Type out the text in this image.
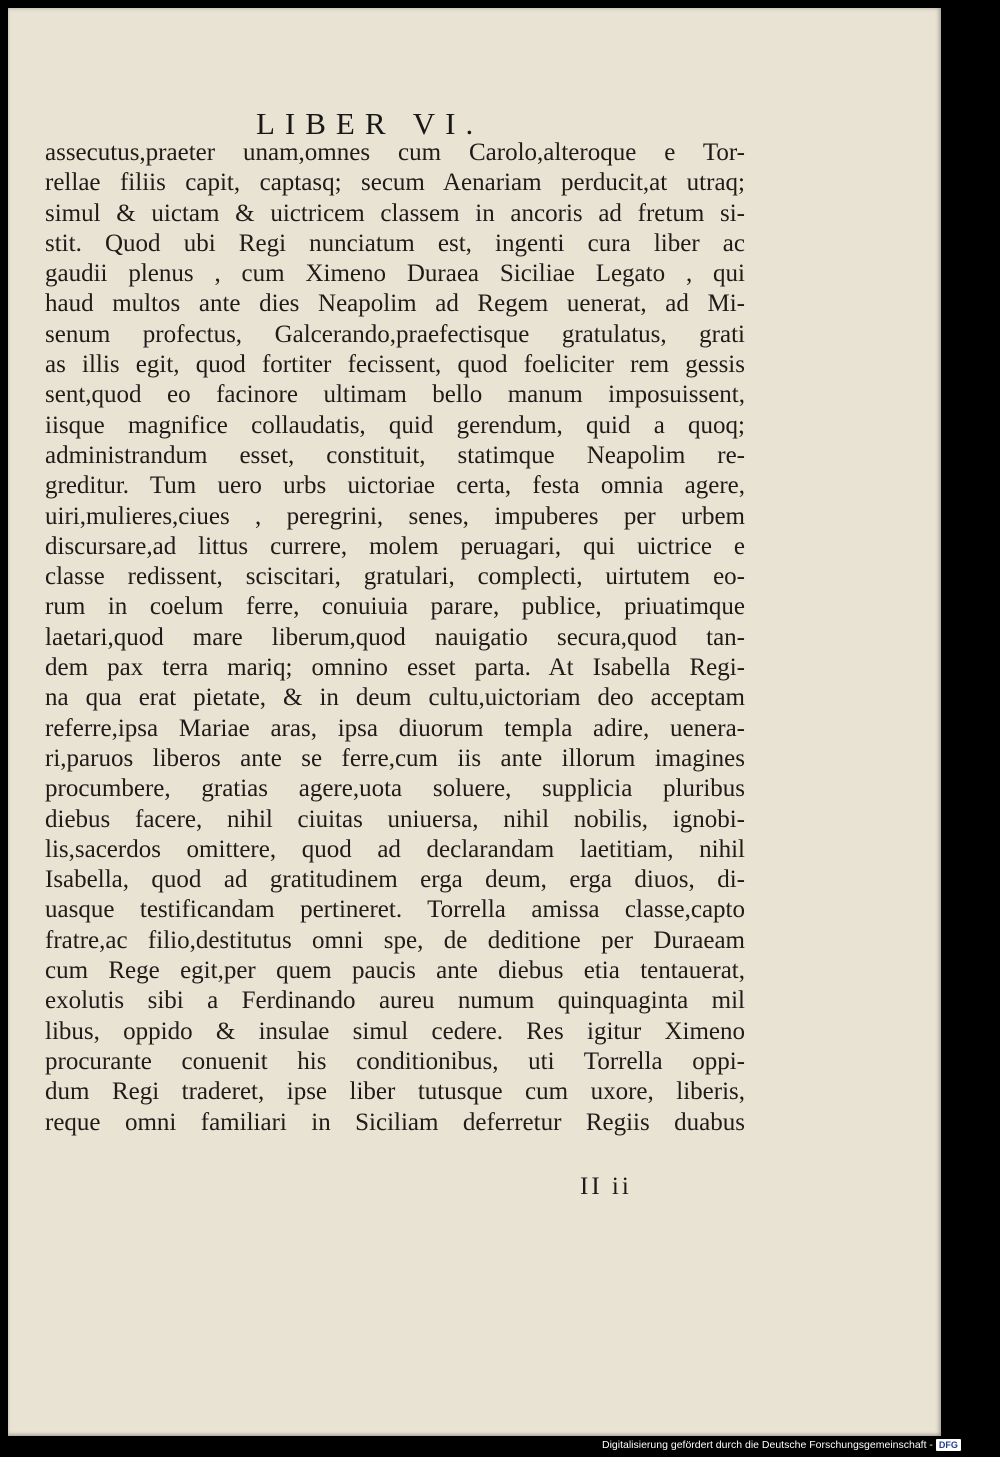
LIBER VI.
assecutus,praeter unam,omnes cum Carolo,alteroque e Tor-
rellae filiis capit, captasq; secum Aenariam perducit,at utraq;
simul & uictam & uictricem classem in ancoris ad fretum si-
stit. Quod ubi Regi nunciatum est, ingenti cura liber ac
gaudii plenus , cum Ximeno Duraea Siciliae Legato , qui
haud multos ante dies Neapolim ad Regem uenerat, ad Mi-
senum profectus, Galcerando,praefectisque gratulatus, grati
as illis egit, quod fortiter fecissent, quod foeliciter rem gessis
sent,quod eo facinore ultimam bello manum imposuissent,
iisque magnifice collaudatis, quid gerendum, quid a quoq;
administrandum esset, constituit, statimque Neapolim re-
greditur. Tum uero urbs uictoriae certa, festa omnia agere,
uiri,mulieres,ciues , peregrini, senes, impuberes per urbem
discursare,ad littus currere, molem peruagari, qui uictrice e
classe redissent, sciscitari, gratulari, complecti, uirtutem eo-
rum in coelum ferre, conuiuia parare, publice, priuatimque
laetari,quod mare liberum,quod nauigatio secura,quod tan-
dem pax terra mariq; omnino esset parta. At Isabella Regi-
na qua erat pietate, & in deum cultu,uictoriam deo acceptam
referre,ipsa Mariae aras, ipsa diuorum templa adire, uenera-
ri,paruos liberos ante se ferre,cum iis ante illorum imagines
procumbere, gratias agere,uota soluere, supplicia pluribus
diebus facere, nihil ciuitas uniuersa, nihil nobilis, ignobi-
lis,sacerdos omittere, quod ad declarandam laetitiam, nihil
Isabella, quod ad gratitudinem erga deum, erga diuos, di-
uasque testificandam pertineret. Torrella amissa classe,capto
fratre,ac filio,destitutus omni spe, de deditione per Duraeam
cum Rege egit,per quem paucis ante diebus etia tentauerat,
exolutis sibi a Ferdinando aureu numum quinquaginta mil
libus, oppido & insulae simul cedere. Res igitur Ximeno
procurante conuenit his conditionibus, uti Torrella oppi-
dum Regi traderet, ipse liber tutusque cum uxore, liberis,
reque omni familiari in Siciliam deferretur Regiis duabus
II ii
Digitalisierung gefördert durch die Deutsche Forschungsgemeinschaft - DFG
